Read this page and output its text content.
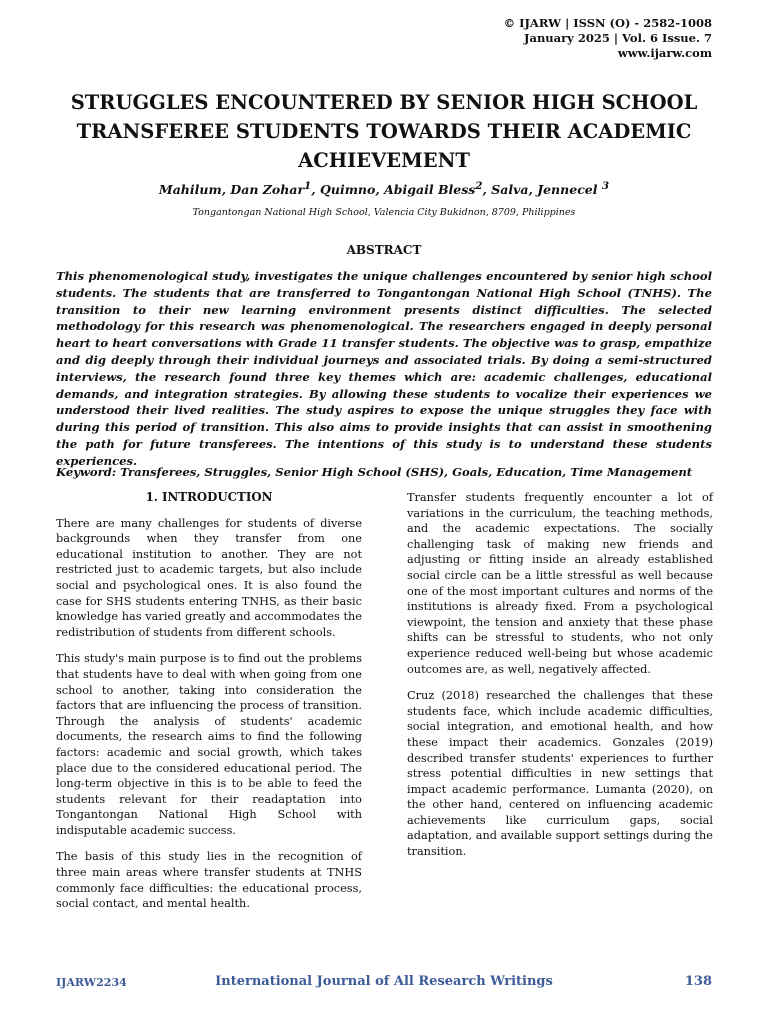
© IJARW | ISSN (O) - 2582-1008
January 2025 | Vol. 6 Issue. 7
www.ijarw.com
STRUGGLES ENCOUNTERED BY SENIOR HIGH SCHOOL TRANSFEREE STUDENTS TOWARDS THEIR ACADEMIC ACHIEVEMENT
Mahilum, Dan Zohar$^1$, Quimno, Abigail Bless$^2$, Salva, Jennecel $^3$
Tongantongan National High School, Valencia City Bukidnon, 8709, Philippines
ABSTRACT

This phenomenological study, investigates the unique challenges encountered by senior high school students. The students that are transferred to Tongantongan National High School (TNHS). The transition to their new learning environment presents distinct difficulties. The selected methodology for this research was phenomenological. The researchers engaged in deeply personal heart to heart conversations with Grade 11 transfer students. The objective was to grasp, empathize and dig deeply through their individual journeys and associated trials. By doing a semi-structured interviews, the research found three key themes which are: academic challenges, educational demands, and integration strategies. By allowing these students to vocalize their experiences we understood their lived realities. The study aspires to expose the unique struggles they face with during this period of transition. This also aims to provide insights that can assist in smoothening the path for future transferees. The intentions of this study is to understand these students experiences.

Keyword: Transferees, Struggles, Senior High School (SHS), Goals, Education, Time Management
1. INTRODUCTION

There are many challenges for students of diverse backgrounds when they transfer from one educational institution to another. They are not restricted just to academic targets, but also include social and psychological ones. It is also found the case for SHS students entering TNHS, as their basic knowledge has varied greatly and accommodates the redistribution of students from different schools.

This study's main purpose is to find out the problems that students have to deal with when going from one school to another, taking into consideration the factors that are influencing the process of transition. Through the analysis of students' academic documents, the research aims to find the following factors: academic and social growth, which takes place due to the considered educational period. The long-term objective in this is to be able to feed the students relevant for their readaptation into Tongantongan National High School with indisputable academic success.

The basis of this study lies in the recognition of three main areas where transfer students at TNHS commonly face difficulties: the educational process, social contact, and mental health.

Transfer students frequently encounter a lot of variations in the curriculum, the teaching methods, and the academic expectations. The socially challenging task of making new friends and adjusting or fitting inside an already established social circle can be a little stressful as well because one of the most important cultures and norms of the institutions is already fixed. From a psychological viewpoint, the tension and anxiety that these phase shifts can be stressful to students, who not only experience reduced well-being but whose academic outcomes are, as well, negatively affected.

Cruz (2018) researched the challenges that these students face, which include academic difficulties, social integration, and emotional health, and how these impact their academics. Gonzales (2019) described transfer students' experiences to further stress potential difficulties in new settings that impact academic performance. Lumanta (2020), on the other hand, centered on influencing academic achievements like curriculum gaps, social adaptation, and available support settings during the transition.

IJARW2234	International Journal of All Research Writings	138
